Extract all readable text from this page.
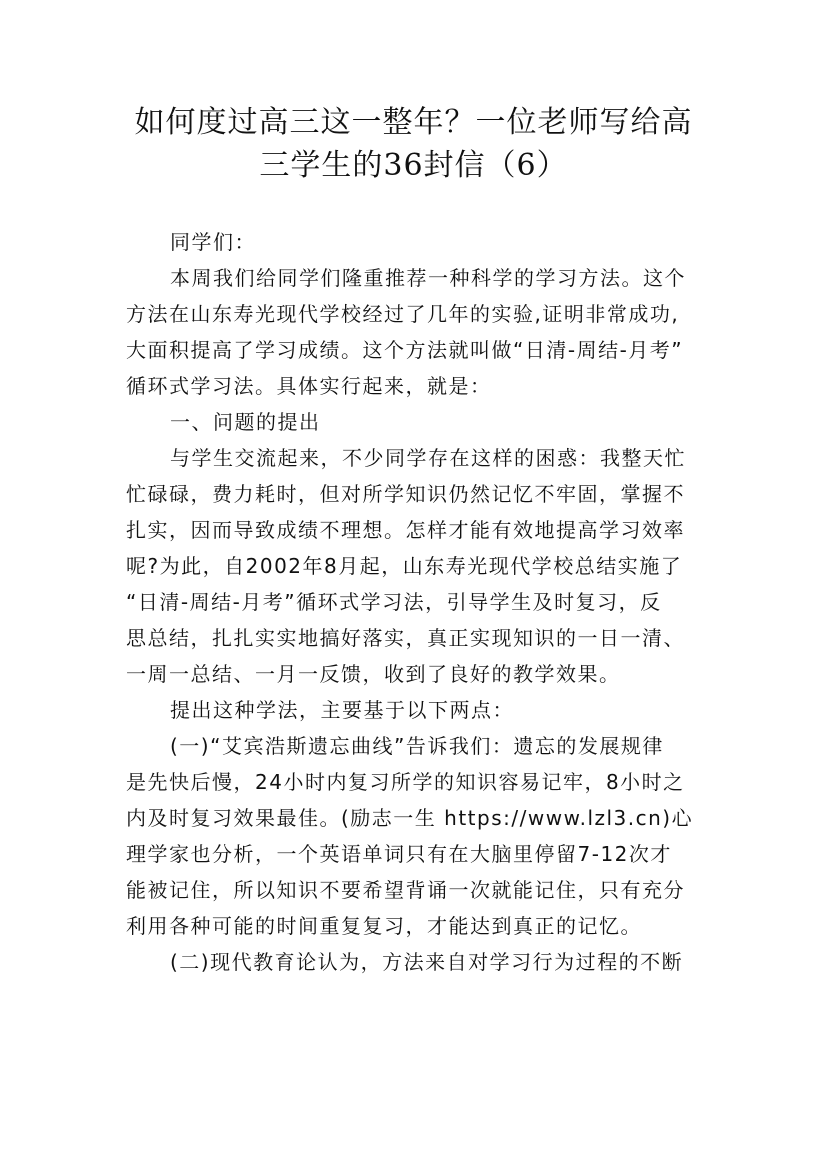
如何度过高三这一整年？一位老师写给高
三学生的36封信（6）
同学们：
本周我们给同学们隆重推荐一种科学的学习方法。这个
方法在山东寿光现代学校经过了几年的实验,证明非常成功,
大面积提高了学习成绩。这个方法就叫做“日清-周结-月考”
循环式学习法。具体实行起来，就是：
一、问题的提出
与学生交流起来，不少同学存在这样的困惑：我整天忙
忙碌碌，费力耗时，但对所学知识仍然记忆不牢固，掌握不
扎实，因而导致成绩不理想。怎样才能有效地提高学习效率
呢?为此，自2002年8月起，山东寿光现代学校总结实施了
“日清-周结-月考”循环式学习法，引导学生及时复习，反
思总结，扎扎实实地搞好落实，真正实现知识的一日一清、
一周一总结、一月一反馈，收到了良好的教学效果。
提出这种学法，主要基于以下两点：
(一)“艾宾浩斯遗忘曲线”告诉我们：遗忘的发展规律
是先快后慢，24小时内复习所学的知识容易记牢，8小时之
内及时复习效果最佳。(励志一生 https://www.lzl3.cn)心
理学家也分析，一个英语单词只有在大脑里停留7-12次才
能被记住，所以知识不要希望背诵一次就能记住，只有充分
利用各种可能的时间重复复习，才能达到真正的记忆。
(二)现代教育论认为，方法来自对学习行为过程的不断
